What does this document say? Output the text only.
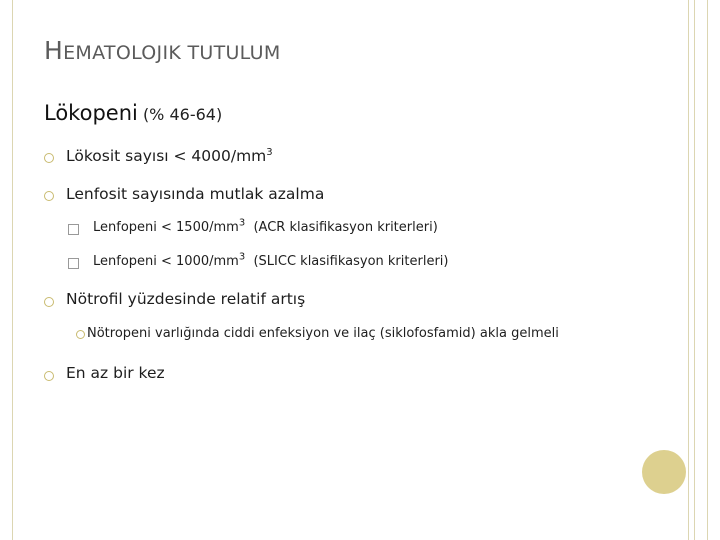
HEMATOLOJIK TUTULUM
Lökopeni (% 46-64)
Lökosit sayısı < $4000/mm^3$
Lenfosit sayısında mutlak azalma
Lenfopeni < $1500/mm^3$ (ACR klasifikasyon kriterleri)
Lenfopeni < $1000/mm^3$ (SLICC klasifikasyon kriterleri)
Nötrofil yüzdesinde relatif artış
Nötropeni varlığında ciddi enfeksiyon ve ilaç (siklofosfamid) akla gelmeli
En az bir kez
